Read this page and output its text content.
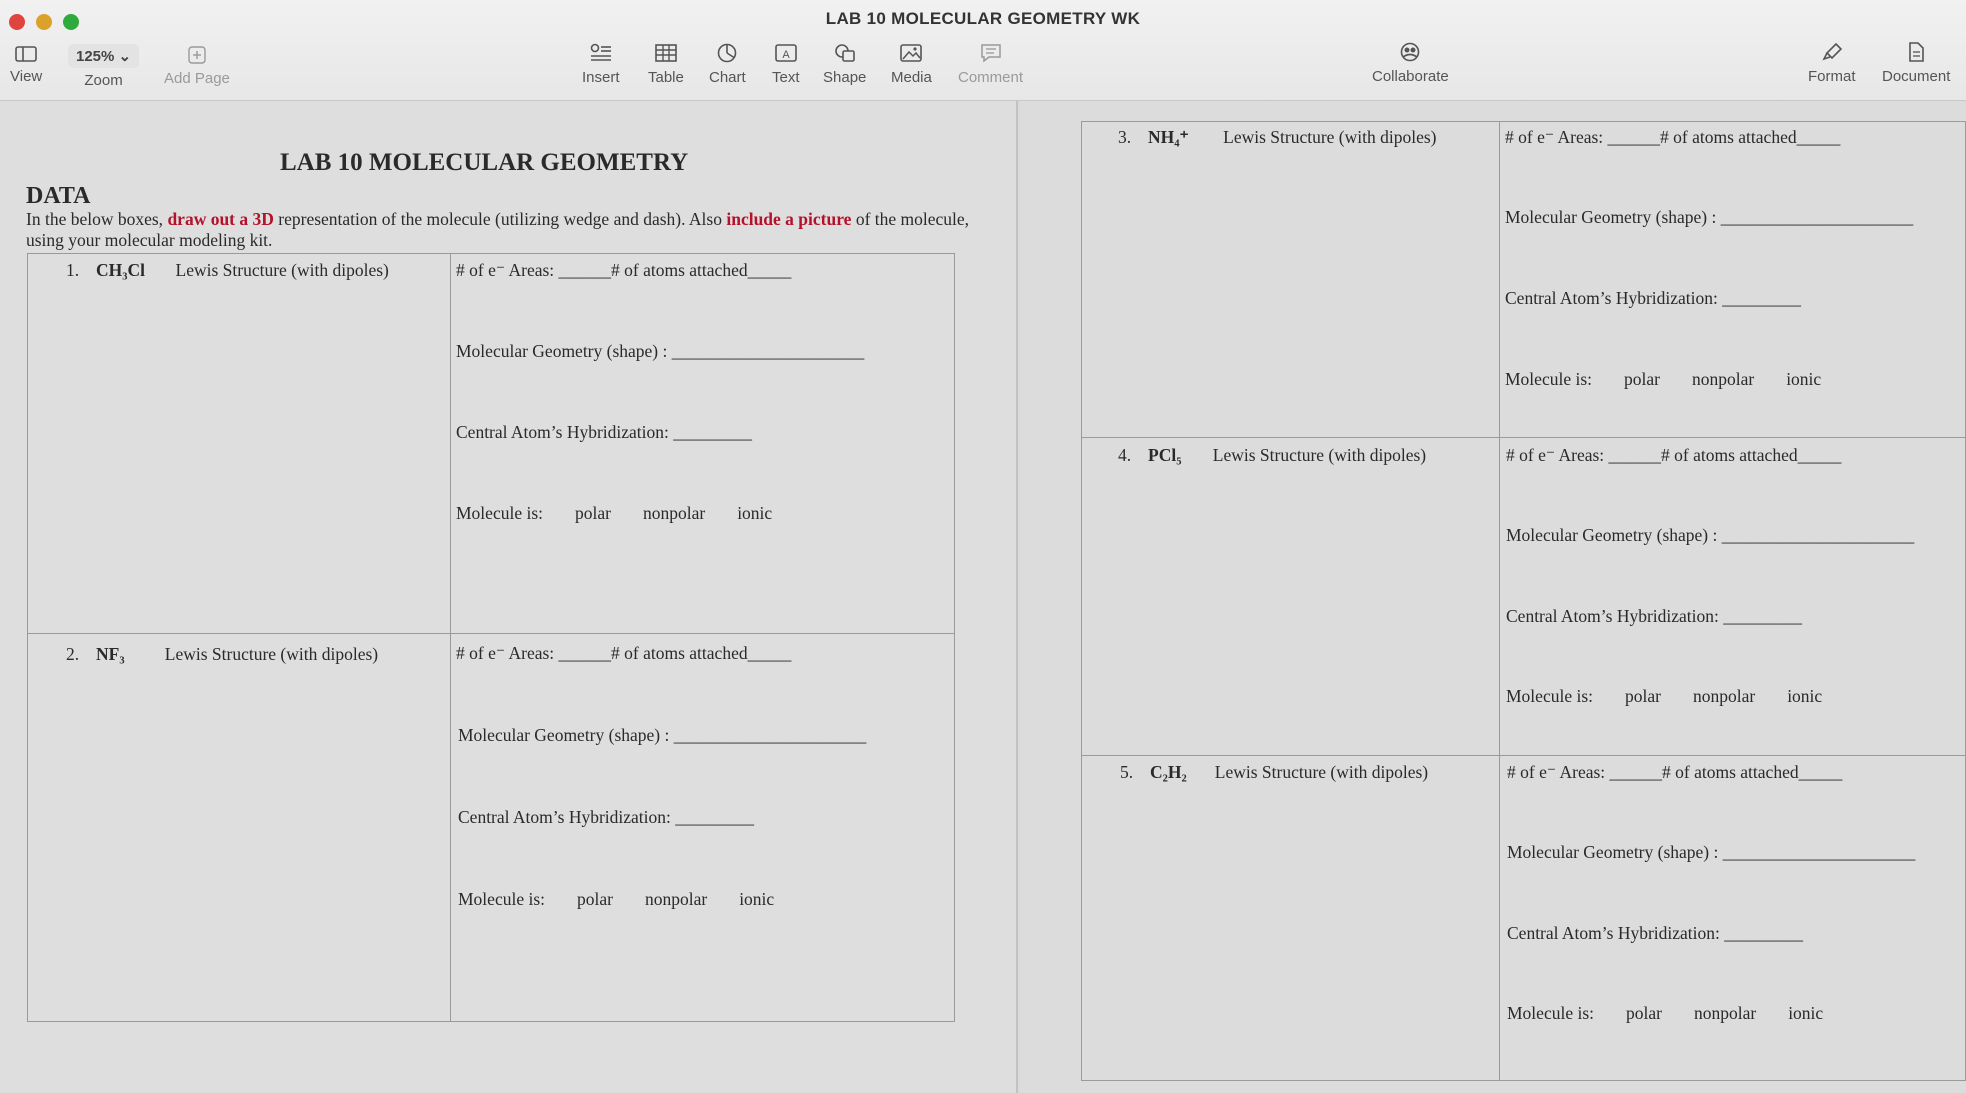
LAB 10 MOLECULAR GEOMETRY WK
View
125% ⌄
Zoom	Add Page	Insert Table Chart
A
Text Shape Media Comment	Collaborate	Format Document
LAB 10 MOLECULAR GEOMETRY
DATA
In the below boxes, draw out a 3D representation of the molecule (utilizing wedge and dash). Also include a picture of the molecule, using your molecular modeling kit.
1. CH₃Cl Lewis Structure (with dipoles)	# of e⁻ Areas: ______# of atoms attached_____
Molecular Geometry (shape) : ______________________
Central Atom’s Hybridization: _________
Molecule is: polar nonpolar ionic
2. NF₃ Lewis Structure (with dipoles)	# of e⁻ Areas: ______# of atoms attached_____
Molecular Geometry (shape) : ______________________
Central Atom’s Hybridization: _________
Molecule is: polar nonpolar ionic
3. NH₄⁺ Lewis Structure (with dipoles)	# of e⁻ Areas: ______# of atoms attached_____
Molecular Geometry (shape) : ______________________
Central Atom’s Hybridization: _________
Molecule is: polar nonpolar ionic
4. PCl₅ Lewis Structure (with dipoles)	# of e⁻ Areas: ______# of atoms attached_____
Molecular Geometry (shape) : ______________________
Central Atom’s Hybridization: _________
Molecule is: polar nonpolar ionic
5. C₂H₂ Lewis Structure (with dipoles)	# of e⁻ Areas: ______# of atoms attached_____
Molecular Geometry (shape) : ______________________
Central Atom’s Hybridization: _________
Molecule is: polar nonpolar ionic
